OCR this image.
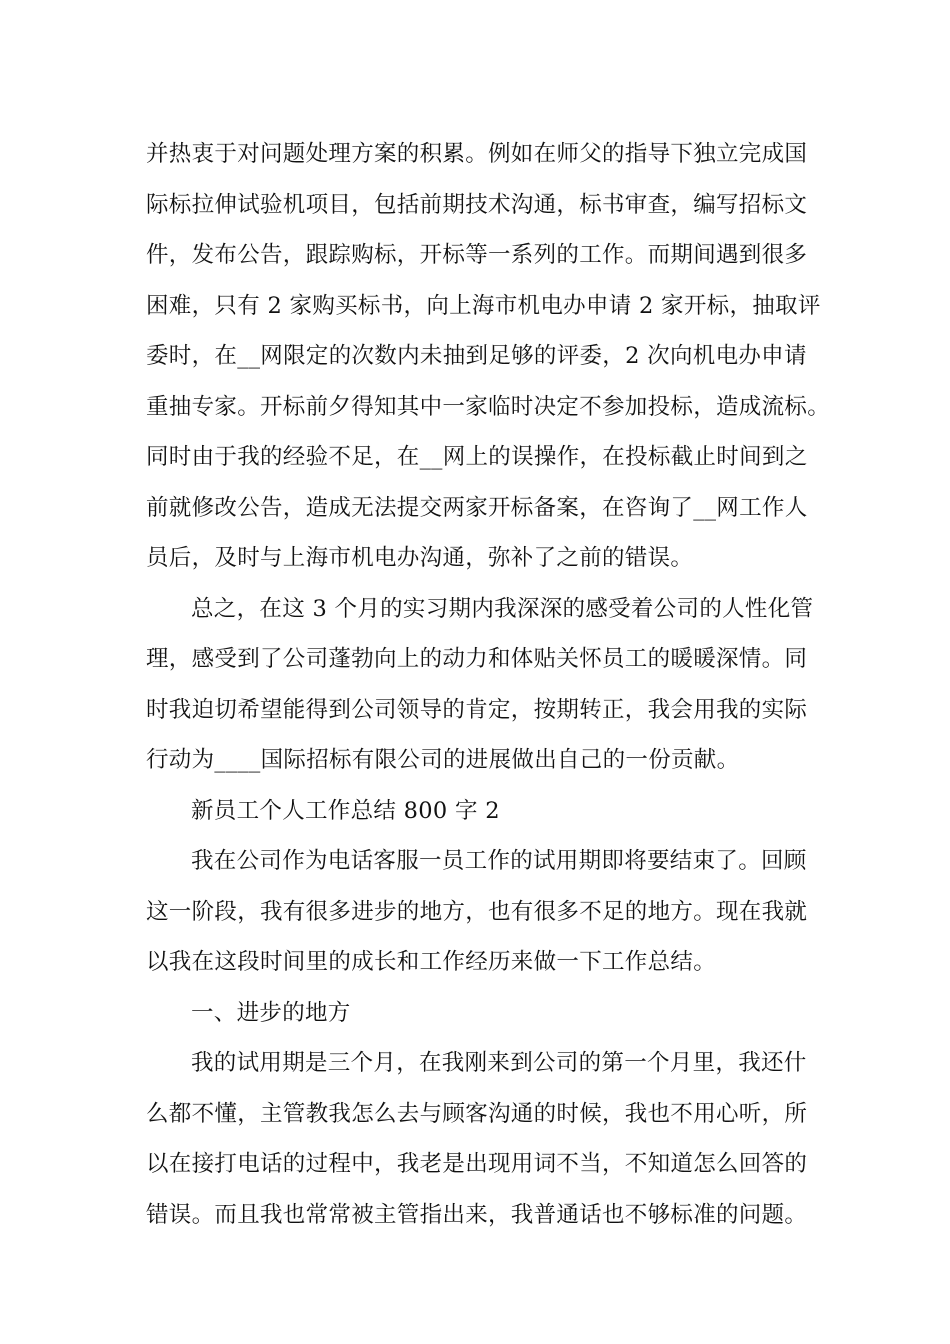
并热衷于对问题处理方案的积累。例如在师父的指导下独立完成国
际标拉伸试验机项目，包括前期技术沟通，标书审查，编写招标文
件，发布公告，跟踪购标，开标等一系列的工作。而期间遇到很多
困难，只有 2 家购买标书，向上海市机电办申请 2 家开标，抽取评
委时，在__网限定的次数内未抽到足够的评委，2 次向机电办申请
重抽专家。开标前夕得知其中一家临时决定不参加投标，造成流标。
同时由于我的经验不足，在__网上的误操作，在投标截止时间到之
前就修改公告，造成无法提交两家开标备案，在咨询了__网工作人
员后，及时与上海市机电办沟通，弥补了之前的错误。
总之，在这 3 个月的实习期内我深深的感受着公司的人性化管
理，感受到了公司蓬勃向上的动力和体贴关怀员工的暖暖深情。同
时我迫切希望能得到公司领导的肯定，按期转正，我会用我的实际
行动为____国际招标有限公司的进展做出自己的一份贡献。
新员工个人工作总结 800 字 2
我在公司作为电话客服一员工作的试用期即将要结束了。回顾
这一阶段，我有很多进步的地方，也有很多不足的地方。现在我就
以我在这段时间里的成长和工作经历来做一下工作总结。
一、进步的地方
我的试用期是三个月，在我刚来到公司的第一个月里，我还什
么都不懂，主管教我怎么去与顾客沟通的时候，我也不用心听，所
以在接打电话的过程中，我老是出现用词不当，不知道怎么回答的
错误。而且我也常常被主管指出来，我普通话也不够标准的问题。
